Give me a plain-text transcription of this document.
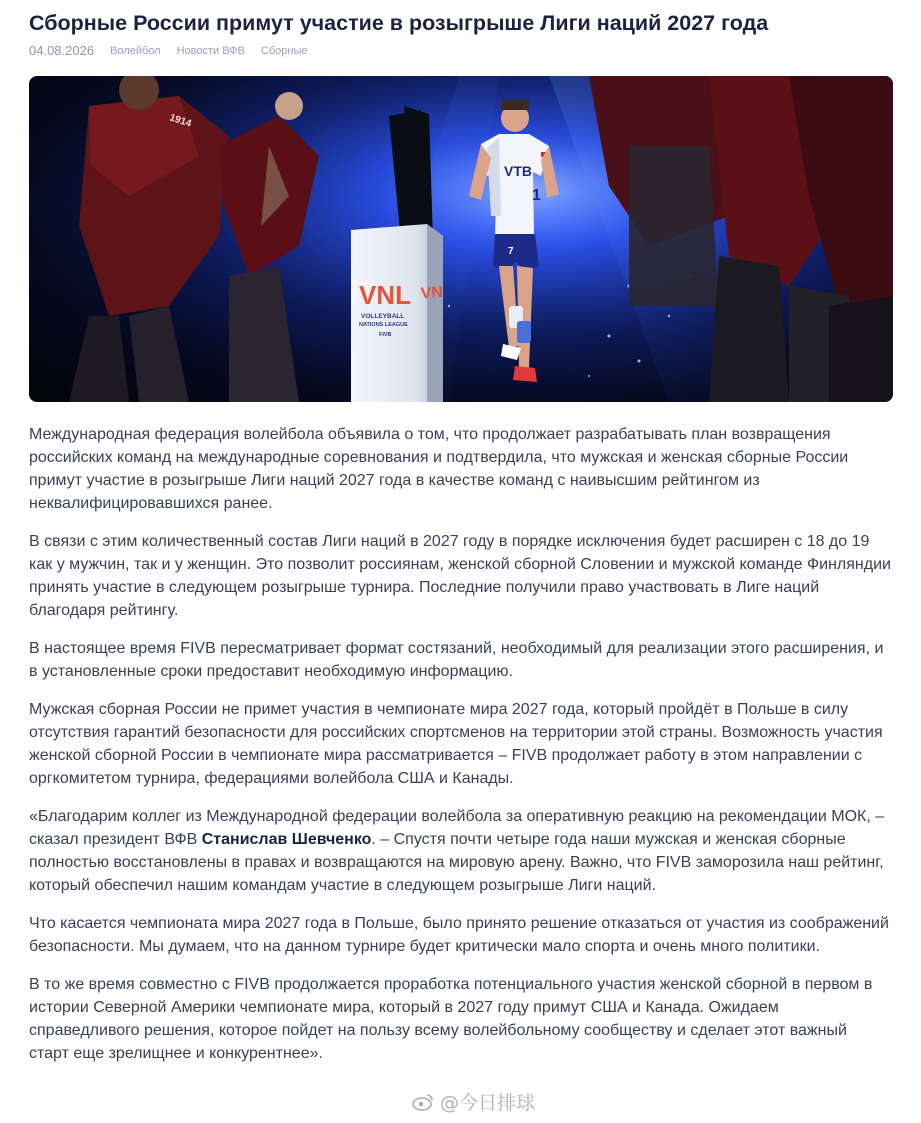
Сборные России примут участие в розыгрыше Лиги наций 2027 года
04.08.2026 Волейбол Новости ВФВ Сборные
VNL
VOLLEYBALL
NATIONS LEAGUE
FIVB
VN
VTB
1
7
1914

Международная федерация волейбола объявила о том, что продолжает разрабатывать план возвращения российских команд на международные соревнования и подтвердила, что мужская и женская сборные России примут участие в розыгрыше Лиги наций 2027 года в качестве команд с наивысшим рейтингом из неквалифицировавшихся ранее.

В связи с этим количественный состав Лиги наций в 2027 году в порядке исключения будет расширен с 18 до 19 как у мужчин, так и у женщин. Это позволит россиянам, женской сборной Словении и мужской команде Финляндии принять участие в следующем розыгрыше турнира. Последние получили право участвовать в Лиге наций благодаря рейтингу.

В настоящее время FIVB пересматривает формат состязаний, необходимый для реализации этого расширения, и в установленные сроки предоставит необходимую информацию.

Мужская сборная России не примет участия в чемпионате мира 2027 года, который пройдёт в Польше в силу отсутствия гарантий безопасности для российских спортсменов на территории этой страны. Возможность участия женской сборной России в чемпионате мира рассматривается – FIVB продолжает работу в этом направлении с оргкомитетом турнира, федерациями волейбола США и Канады.

«Благодарим коллег из Международной федерации волейбола за оперативную реакцию на рекомендации МОК, – сказал президент ВФВ Станислав Шевченко. – Спустя почти четыре года наши мужская и женская сборные полностью восстановлены в правах и возвращаются на мировую арену. Важно, что FIVB заморозила наш рейтинг, который обеспечил нашим командам участие в следующем розыгрыше Лиги наций.

Что касается чемпионата мира 2027 года в Польше, было принято решение отказаться от участия из соображений безопасности. Мы думаем, что на данном турнире будет критически мало спорта и очень много политики.

В то же время совместно с FIVB продолжается проработка потенциального участия женской сборной в первом в истории Северной Америки чемпионате мира, который в 2027 году примут США и Канада. Ожидаем справедливого решения, которое пойдет на пользу всему волейбольному сообществу и сделает этот важный старт еще зрелищнее и конкурентнее».

@今日排球
